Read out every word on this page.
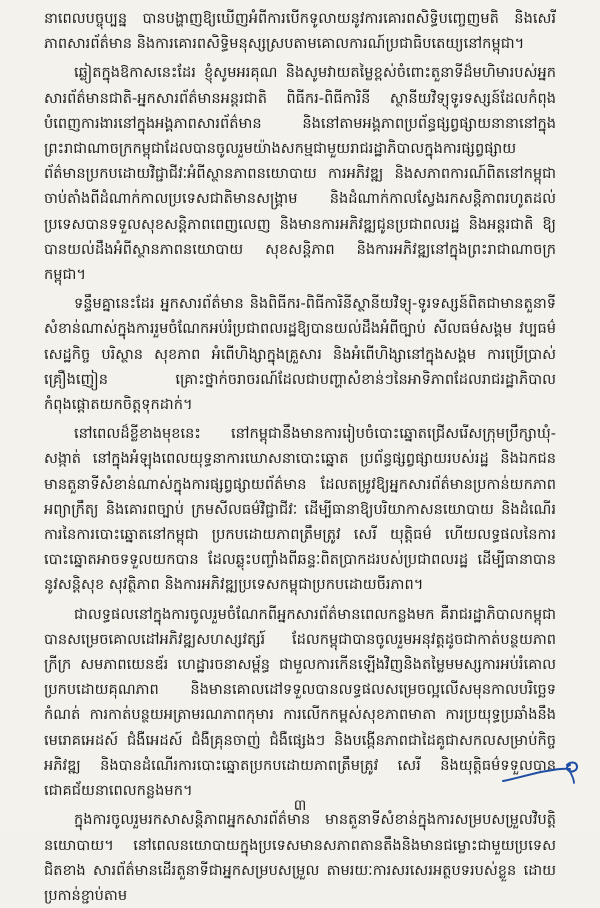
នាពេលបច្ចុប្បន្ន បានបង្ហាញឱ្យឃើញអំពីការបើកទូលាយនូវការគោរពសិទ្ធិបញ្ចេញមតិ និងសេរីភាពសារព័ត៌មាន និងការគោរពសិទ្ធិមនុស្សស្របតាមគោលការណ៍ប្រជាធិបតេយ្យនៅកម្ពុជា។

ឆ្លៀតក្នុងឱកាសនេះដែរ ខ្ញុំសូមអរគុណ និងសូមវាយតម្លៃខ្ពស់ចំពោះតួនាទីដ៏មហិមារបស់អ្នកសារព័ត៌មានជាតិ-អ្នកសារព័ត៌មានអន្តរជាតិ ពិធីករ-ពិធីការិនី ស្ថានីយវិទ្យុទូរទស្សន៍ដែលកំពុងបំពេញការងារនៅក្នុងអង្គភាពសារព័ត៌មាន និងនៅតាមអង្គភាពប្រព័ន្ធផ្សព្វផ្សាយនានានៅក្នុងព្រះរាជាណាចក្រកម្ពុជាដែលបានចូលរួមយ៉ាងសកម្មជាមួយរាជរដ្ឋាភិបាលក្នុងការផ្សព្វផ្សាយព័ត៌មានប្រកបដោយវិជ្ជាជីវៈអំពីស្ថានភាពនយោបាយ ការអភិវឌ្ឍ និងសភាពការណ៍ពិតនៅកម្ពុជា ចាប់តាំងពីដំណាក់កាលប្រទេសជាតិមានសង្គ្រាម និងដំណាក់កាលស្វែងរកសន្តិភាពរហូតដល់ប្រទេសបានទទួលសុខសន្តិភាពពេញលេញ និងមានការអភិវឌ្ឍជូនប្រជាពលរដ្ឋ និងអន្តរជាតិ ឱ្យបានយល់ដឹងអំពីស្ថានភាពនយោបាយ សុខសន្តិភាព និងការអភិវឌ្ឍនៅក្នុងព្រះរាជាណាចក្រកម្ពុជា។

ទន្ទឹមគ្នានេះដែរ អ្នកសារព័ត៌មាន និងពិធីករ-ពិធីការិនីស្ថានីយវិទ្យុ-ទូរទស្សន៍ពិតជាមានតួនាទីសំខាន់ណាស់ក្នុងការរួមចំណែកអប់រំប្រជាពលរដ្ឋឱ្យបានយល់ដឹងអំពីច្បាប់ សីលធម៌សង្គម វប្បធម៌ សេដ្ឋកិច្ច បរិស្ថាន សុខភាព អំពើហិង្សាក្នុងគ្រួសារ និងអំពើហិង្សានៅក្នុងសង្គម ការប្រើប្រាស់គ្រឿងញៀន គ្រោះថ្នាក់ចរាចរណ៍ដែលជាបញ្ហាសំខាន់ៗនៃអាទិភាពដែលរាជរដ្ឋាភិបាលកំពុងផ្តោតយកចិត្តទុកដាក់។

នៅពេលដ៏ខ្លីខាងមុខនេះ នៅកម្ពុជានឹងមានការរៀបចំបោះឆ្នោតជ្រើសរើសក្រុមប្រឹក្សាឃុំ-សង្កាត់ នៅក្នុងអំឡុងពេលយុទ្ធនាការឃោសនាបោះឆ្នោត ប្រព័ន្ធផ្សព្វផ្សាយរបស់រដ្ឋ និងឯកជនមានតួនាទីសំខាន់ណាស់ក្នុងការផ្សព្វផ្សាយព័ត៌មាន ដែលតម្រូវឱ្យអ្នកសារព័ត៌មានប្រកាន់យកភាពអព្យាក្រឹត្យ និងគោរពច្បាប់ ក្រមសីលធម៌វិជ្ជាជីវៈ ដើម្បីធានាឱ្យបរិយាកាសនយោបាយ និងដំណើរការនៃការបោះឆ្នោតនៅកម្ពុជា ប្រកបដោយភាពត្រឹមត្រូវ សេរី យុត្តិធម៌ ហើយលទ្ធផលនៃការបោះឆ្នោតអាចទទួលយកបាន ដែលឆ្លុះបញ្ចាំងពីឆន្ទៈពិតប្រាកដរបស់ប្រជាពលរដ្ឋ ដើម្បីធានាបាននូវសន្តិសុខ សុវត្ថិភាព និងការអភិវឌ្ឍប្រទេសកម្ពុជាប្រកបដោយចីរភាព។

ជាលទ្ធផលនៅក្នុងការចូលរួមចំណែកពីអ្នកសារព័ត៌មានពេលកន្លងមក គឺរាជរដ្ឋាភិបាលកម្ពុជាបានសម្រេចគោលដៅអភិវឌ្ឍសហស្សវត្សរ៍ ដែលកម្ពុជាបានចូលរួមអនុវត្តដូចជាកាត់បន្ថយភាពក្រីក្រ សមភាពយេនឌ័រ ហេដ្ឋារចនាសម្ព័ន្ធ ជាមួលការកើនឡើងវិញនិងតម្លៃមមស្សការអប់រំគោលប្រកបដោយគុណភាព និងមានគោលដៅទទួលបានលទ្ធផលសម្រេចល្អលើសមុនកាលបរិច្ឆេទកំណត់ ការកាត់បន្ថយអត្រាមរណភាពកុមារ ការលើកកម្ពស់សុខភាពមាតា ការប្រយុទ្ធប្រឆាំងនឹងមេរោគអេដស៍ ជំងឺអេដស៍ ជំងឺគ្រុនចាញ់ ជំងឺផ្សេងៗ និងបង្កើនភាពជាដៃគូជាសកលសម្រាប់កិច្ចអភិវឌ្ឍ និងបានដំណើរការបោះឆ្នោតប្រកបដោយភាពត្រឹមត្រូវ សេរី និងយុត្តិធម៌ទទួលបានជោគជ័យនាពេលកន្លងមក។

ក្នុងការចូលរួមរកសាសន្តិភាពអ្នកសារព័ត៌មាន មានតួនាទីសំខាន់ក្នុងការសម្របសម្រួលវិបត្តិនយោបាយ។ នៅពេលនយោបាយក្នុងប្រទេសមានសភាពតានតឹងនិងមានជម្លោះជាមួយប្រទេសជិតខាង សារព័ត៌មានដើរតួនាទីជាអ្នកសម្របសម្រួល តាមរយៈការសរសេរអត្ថបទរបស់ខ្លួន ដោយប្រកាន់ខ្ជាប់តាម

៣
